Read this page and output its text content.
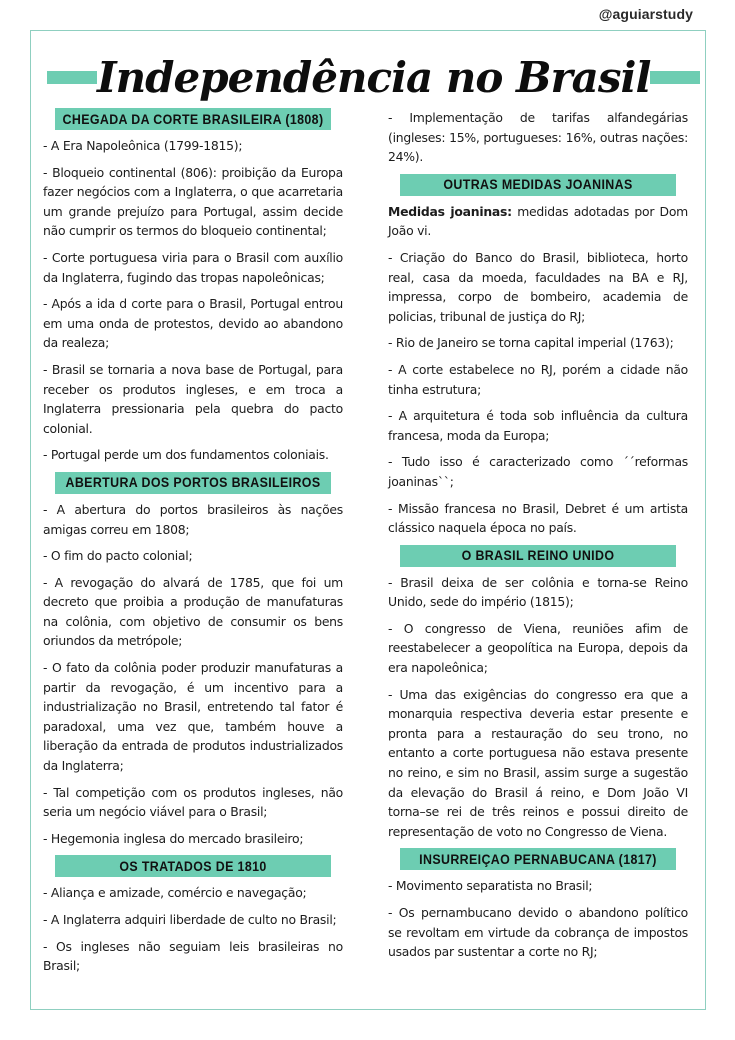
@aguiarstudy
Independência no Brasil
CHEGADA DA CORTE BRASILEIRA (1808)

- A Era Napoleônica (1799-1815);

- Bloqueio continental (806): proibição da Europa fazer negócios com a Inglaterra, o que acarretaria um grande prejuízo para Portugal, assim decide não cumprir os termos do bloqueio continental;

- Corte portuguesa viria para o Brasil com auxílio da Inglaterra, fugindo das tropas napoleônicas;

- Após a ida d corte para o Brasil, Portugal entrou em uma onda de protestos, devido ao abandono da realeza;

- Brasil se tornaria a nova base de Portugal, para receber os produtos ingleses, e em troca a Inglaterra pressionaria pela quebra do pacto colonial.

- Portugal perde um dos fundamentos coloniais.

ABERTURA DOS PORTOS BRASILEIROS

- A abertura do portos brasileiros às nações amigas correu em 1808;

- O fim do pacto colonial;

- A revogação do alvará de 1785, que foi um decreto que proibia a produção de manufaturas na colônia, com objetivo de consumir os bens oriundos da metrópole;

- O fato da colônia poder produzir manufaturas a partir da revogação, é um incentivo para a industrialização no Brasil, entretendo tal fator é paradoxal, uma vez que, também houve a liberação da entrada de produtos industrializados da Inglaterra;

- Tal competição com os produtos ingleses, não seria um negócio viável para o Brasil;

- Hegemonia inglesa do mercado brasileiro;

OS TRATADOS DE 1810

- Aliança e amizade, comércio e navegação;

- A Inglaterra adquiri liberdade de culto no Brasil;

- Os ingleses não seguiam leis brasileiras no Brasil;

- Implementação de tarifas alfandegárias (ingleses: 15%, portugueses: 16%, outras nações: 24%).

OUTRAS MEDIDAS JOANINAS

Medidas joaninas: medidas adotadas por Dom João vi.

- Criação do Banco do Brasil, biblioteca, horto real, casa da moeda, faculdades na BA e RJ, impressa, corpo de bombeiro, academia de policias, tribunal de justiça do RJ;

- Rio de Janeiro se torna capital imperial (1763);

- A corte estabelece no RJ, porém a cidade não tinha estrutura;

- A arquitetura é toda sob influência da cultura francesa, moda da Europa;

- Tudo isso é caracterizado como ´´reformas joaninas``;

- Missão francesa no Brasil, Debret é um artista clássico naquela época no país.

O BRASIL REINO UNIDO

- Brasil deixa de ser colônia e torna-se Reino Unido, sede do império (1815);

- O congresso de Viena, reuniões afim de reestabelecer a geopolítica na Europa, depois da era napoleônica;

- Uma das exigências do congresso era que a monarquia respectiva deveria estar presente e pronta para a restauração do seu trono, no entanto a corte portuguesa não estava presente no reino, e sim no Brasil, assim surge a sugestão da elevação do Brasil á reino, e Dom João VI torna–se rei de três reinos e possui direito de representação de voto no Congresso de Viena.

INSURREIÇAO PERNABUCANA (1817)

- Movimento separatista no Brasil;

- Os pernambucano devido o abandono político se revoltam em virtude da cobrança de impostos usados par sustentar a corte no RJ;
